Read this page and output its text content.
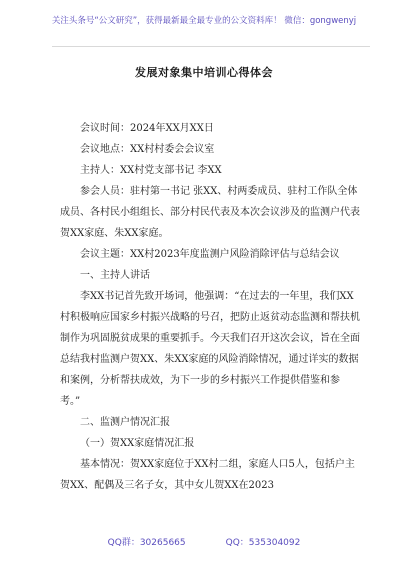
关注头条号“公文研究”，获得最新最全最专业的公文资料库！ 微信：gongwenyj
发展对象集中培训心得体会

会议时间：2024年XX月XX日

会议地点：XX村村委会会议室

主持人：XX村党支部书记 李XX

参会人员：驻村第一书记 张XX、村两委成员、驻村工作队全体成员、各村民小组组长、部分村民代表及本次会议涉及的监测户代表贺XX家庭、朱XX家庭。

会议主题：XX村2023年度监测户风险消除评估与总结会议

一、主持人讲话

李XX书记首先致开场词，他强调：“在过去的一年里，我们XX村积极响应国家乡村振兴战略的号召，把防止返贫动态监测和帮扶机制作为巩固脱贫成果的重要抓手。今天我们召开这次会议，旨在全面总结我村监测户贺XX、朱XX家庭的风险消除情况，通过详实的数据和案例，分析帮扶成效，为下一步的乡村振兴工作提供借鉴和参考。”

二、监测户情况汇报

（一）贺XX家庭情况汇报

基本情况：贺XX家庭位于XX村二组，家庭人口5人，包括户主贺XX、配偶及三名子女，其中女儿贺XX在2023

QQ群：30265665	QQ：535304092
